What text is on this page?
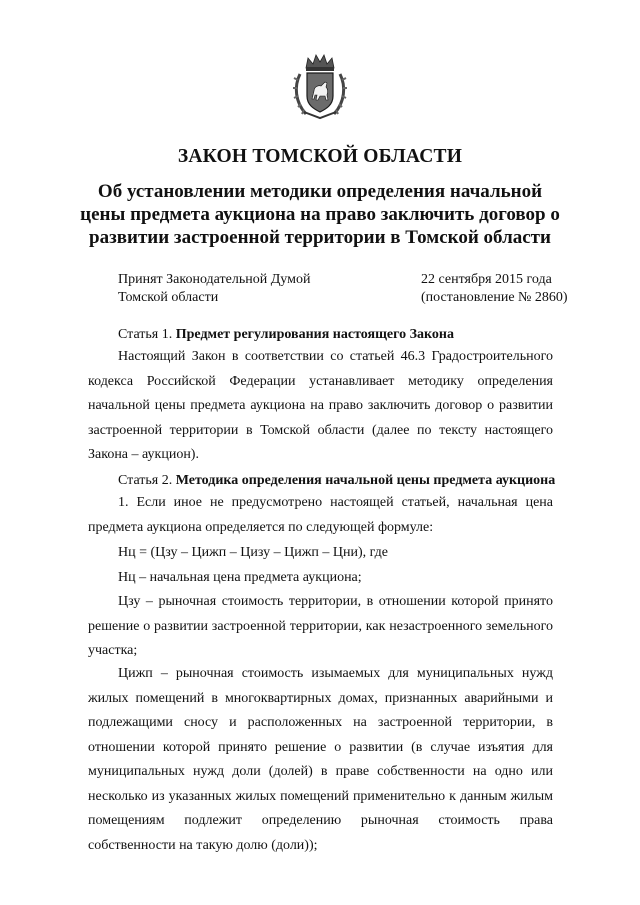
ЗАКОН ТОМСКОЙ ОБЛАСТИ
Об установлении методики определения начальной
цены предмета аукциона на право заключить договор о
развитии застроенной территории в Томской области
Принят Законодательной Думой
Томской области
22 сентября 2015 года
(постановление № 2860)
Статья 1. Предмет регулирования настоящего Закона

Настоящий Закон в соответствии со статьей 46.3 Градостроительного кодекса Российской Федерации устанавливает методику определения начальной цены предмета аукциона на право заключить договор о развитии застроенной территории в Томской области (далее по тексту настоящего Закона – аукцион).

Статья 2. Методика определения начальной цены предмета аукциона

1. Если иное не предусмотрено настоящей статьей, начальная цена предмета аукциона определяется по следующей формуле:

Нц = (Цзу – Цижп – Цизу – Цижп – Цни), где
Нц – начальная цена предмета аукциона;

Цзу – рыночная стоимость территории, в отношении которой принято решение о развитии застроенной территории, как незастроенного земельного участка;

Цижп – рыночная стоимость изымаемых для муниципальных нужд жилых помещений в многоквартирных домах, признанных аварийными и подлежащими сносу и расположенных на застроенной территории, в отношении которой принято решение о развитии (в случае изъятия для муниципальных нужд доли (долей) в праве собственности на одно или несколько из указанных жилых помещений применительно к данным жилым помещениям подлежит определению рыночная стоимость права собственности на такую долю (доли));
